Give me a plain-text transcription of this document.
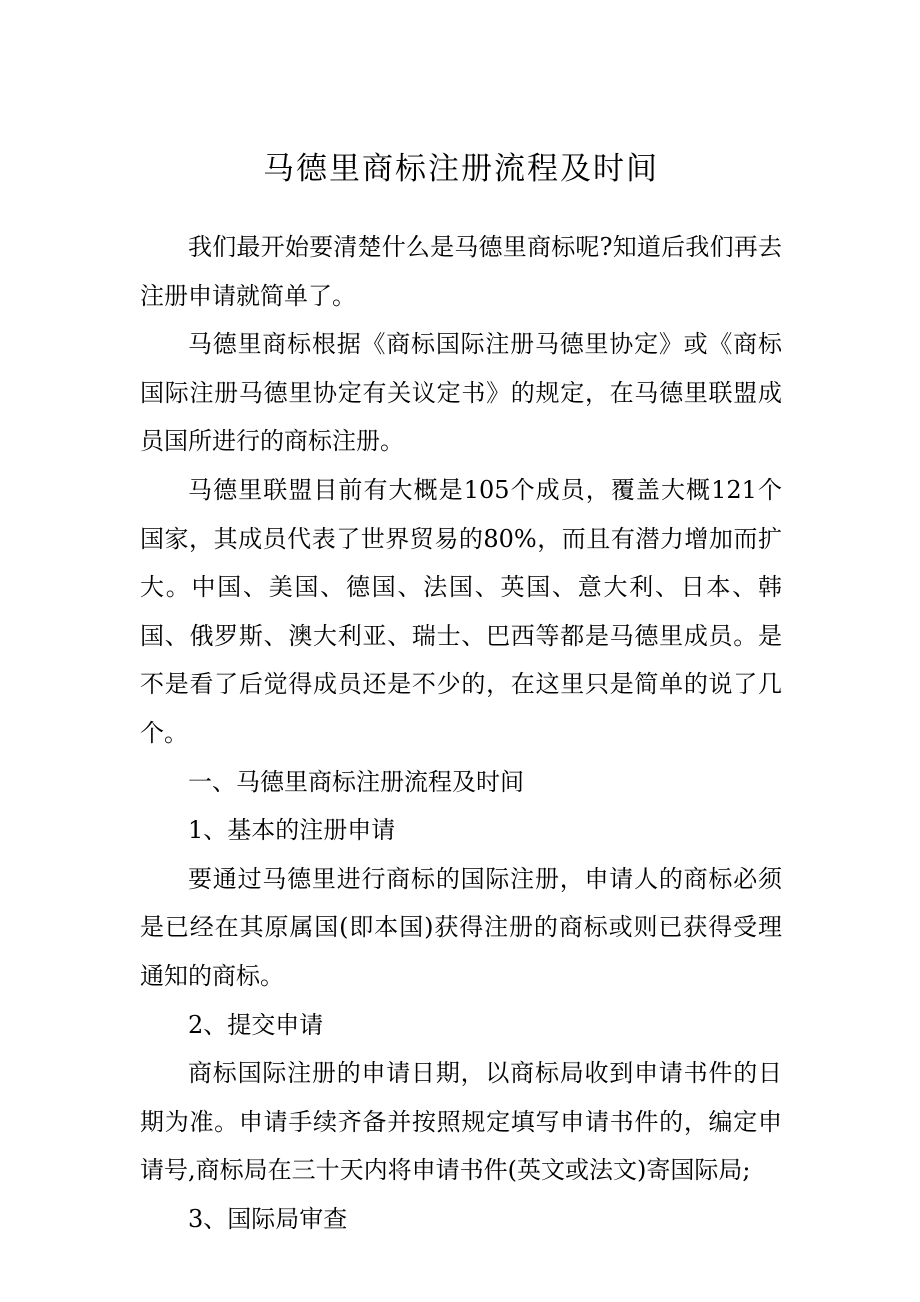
马德里商标注册流程及时间

我们最开始要清楚什么是马德里商标呢?知道后我们再去注册申请就简单了。

马德里商标根据《商标国际注册马德里协定》或《商标国际注册马德里协定有关议定书》的规定，在马德里联盟成员国所进行的商标注册。

马德里联盟目前有大概是105个成员，覆盖大概121个国家，其成员代表了世界贸易的80%，而且有潜力增加而扩大。中国、美国、德国、法国、英国、意大利、日本、韩国、俄罗斯、澳大利亚、瑞士、巴西等都是马德里成员。是不是看了后觉得成员还是不少的，在这里只是简单的说了几个。

一、马德里商标注册流程及时间

1、基本的注册申请

要通过马德里进行商标的国际注册，申请人的商标必须是已经在其原属国(即本国)获得注册的商标或则已获得受理通知的商标。

2、提交申请

商标国际注册的申请日期，以商标局收到申请书件的日期为准。申请手续齐备并按照规定填写申请书件的，编定申请号,商标局在三十天内将申请书件(英文或法文)寄国际局;

3、国际局审查
